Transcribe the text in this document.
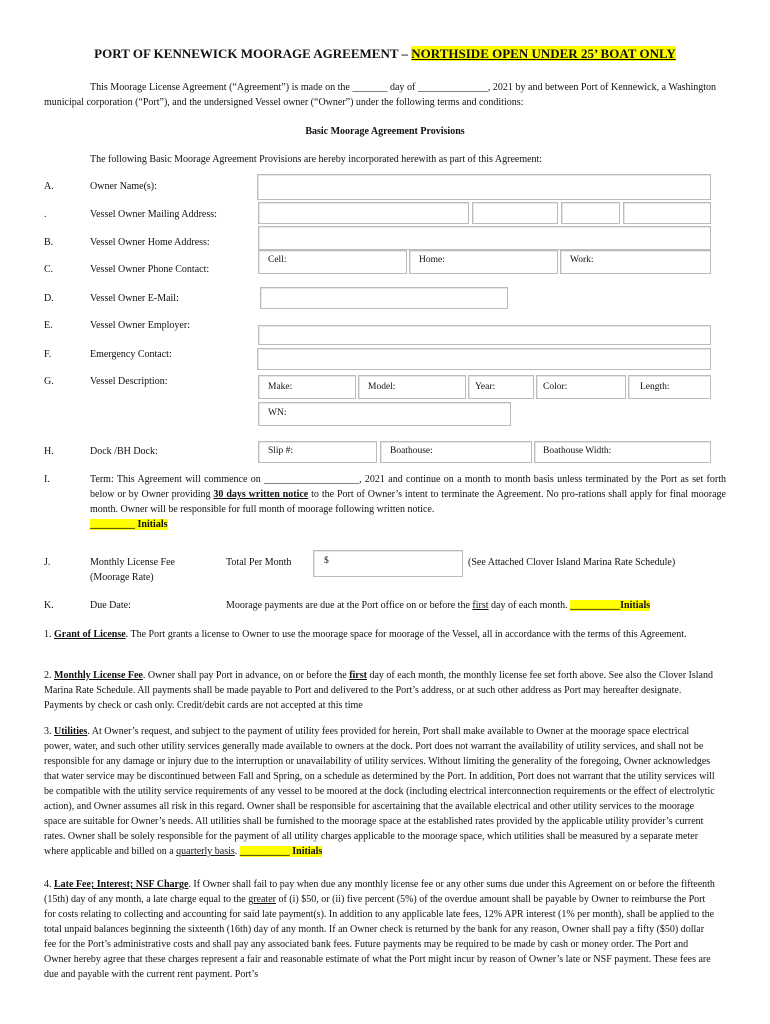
PORT OF KENNEWICK MOORAGE AGREEMENT – NORTHSIDE OPEN UNDER 25’ BOAT ONLY
This Moorage License Agreement (“Agreement”) is made on the _______ day of ______________, 2021 by and between Port of Kennewick, a Washington municipal corporation (“Port”), and the undersigned Vessel owner (“Owner”) under the following terms and conditions:
Basic Moorage Agreement Provisions
The following Basic Moorage Agreement Provisions are hereby incorporated herewith as part of this Agreement:
A.	Owner Name(s):
.	Vessel Owner Mailing Address:
B.	Vessel Owner Home Address:
C.	Vessel Owner Phone Contact:
Cell:	Home:	Work:
D.	Vessel Owner E-Mail:
E.	Vessel Owner Employer:
F.	Emergency Contact:
G.	Vessel Description:	Make:	Model:	Year:	Color:	Length:
WN:
H.	Dock /BH Dock:	Slip #:	Boathouse:	Boathouse Width:
I.	Term: This Agreement will commence on ___________________, 2021 and continue on a month to month basis unless terminated by the Port as set forth below or by Owner providing 30 days written notice to the Port of Owner’s intent to terminate the Agreement. No pro-rations shall apply for final moorage month. Owner will be responsible for full month of moorage following written notice.
_________ Initials
J.	Monthly License Fee
(Moorage Rate)
Total Per Month	$	(See Attached Clover Island Marina Rate Schedule)
K.	Due Date:	Moorage payments are due at the Port office on or before the first day of each month. __________Initials
1. Grant of License. The Port grants a license to Owner to use the moorage space for moorage of the Vessel, all in accordance with the terms of this Agreement.
2. Monthly License Fee. Owner shall pay Port in advance, on or before the first day of each month, the monthly license fee set forth above. See also the Clover Island Marina Rate Schedule. All payments shall be made payable to Port and delivered to the Port’s address, or at such other address as Port may hereafter designate. Payments by check or cash only. Credit/debit cards are not accepted at this time
3. Utilities. At Owner’s request, and subject to the payment of utility fees provided for herein, Port shall make available to Owner at the moorage space electrical power, water, and such other utility services generally made available to owners at the dock. Port does not warrant the availability of utility services, and shall not be responsible for any damage or injury due to the interruption or unavailability of utility services. Without limiting the generality of the foregoing, Owner acknowledges that water service may be discontinued between Fall and Spring, on a schedule as determined by the Port. In addition, Port does not warrant that the utility services will be compatible with the utility service requirements of any vessel to be moored at the dock (including electrical interconnection requirements or the effect of electrolytic action), and Owner assumes all risk in this regard. Owner shall be responsible for ascertaining that the available electrical and other utility services to the moorage space are suitable for Owner’s needs. All utilities shall be furnished to the moorage space at the established rates provided by the applicable utility provider’s current rates. Owner shall be solely responsible for the payment of all utility charges applicable to the moorage space, which utilities shall be measured by a separate meter where applicable and billed on a quarterly basis. __________ Initials
4. Late Fee; Interest; NSF Charge. If Owner shall fail to pay when due any monthly license fee or any other sums due under this Agreement on or before the fifteenth (15th) day of any month, a late charge equal to the greater of (i) $50, or (ii) five percent (5%) of the overdue amount shall be payable by Owner to reimburse the Port for costs relating to collecting and accounting for said late payment(s). In addition to any applicable late fees, 12% APR interest (1% per month), shall be applied to the total unpaid balances beginning the sixteenth (16th) day of any month. If an Owner check is returned by the bank for any reason, Owner shall pay a fifty ($50) dollar fee for the Port’s administrative costs and shall pay any associated bank fees. Future payments may be required to be made by cash or money order. The Port and Owner hereby agree that these charges represent a fair and reasonable estimate of what the Port might incur by reason of Owner’s late or NSF payment. These fees are due and payable with the current rent payment. Port’s
